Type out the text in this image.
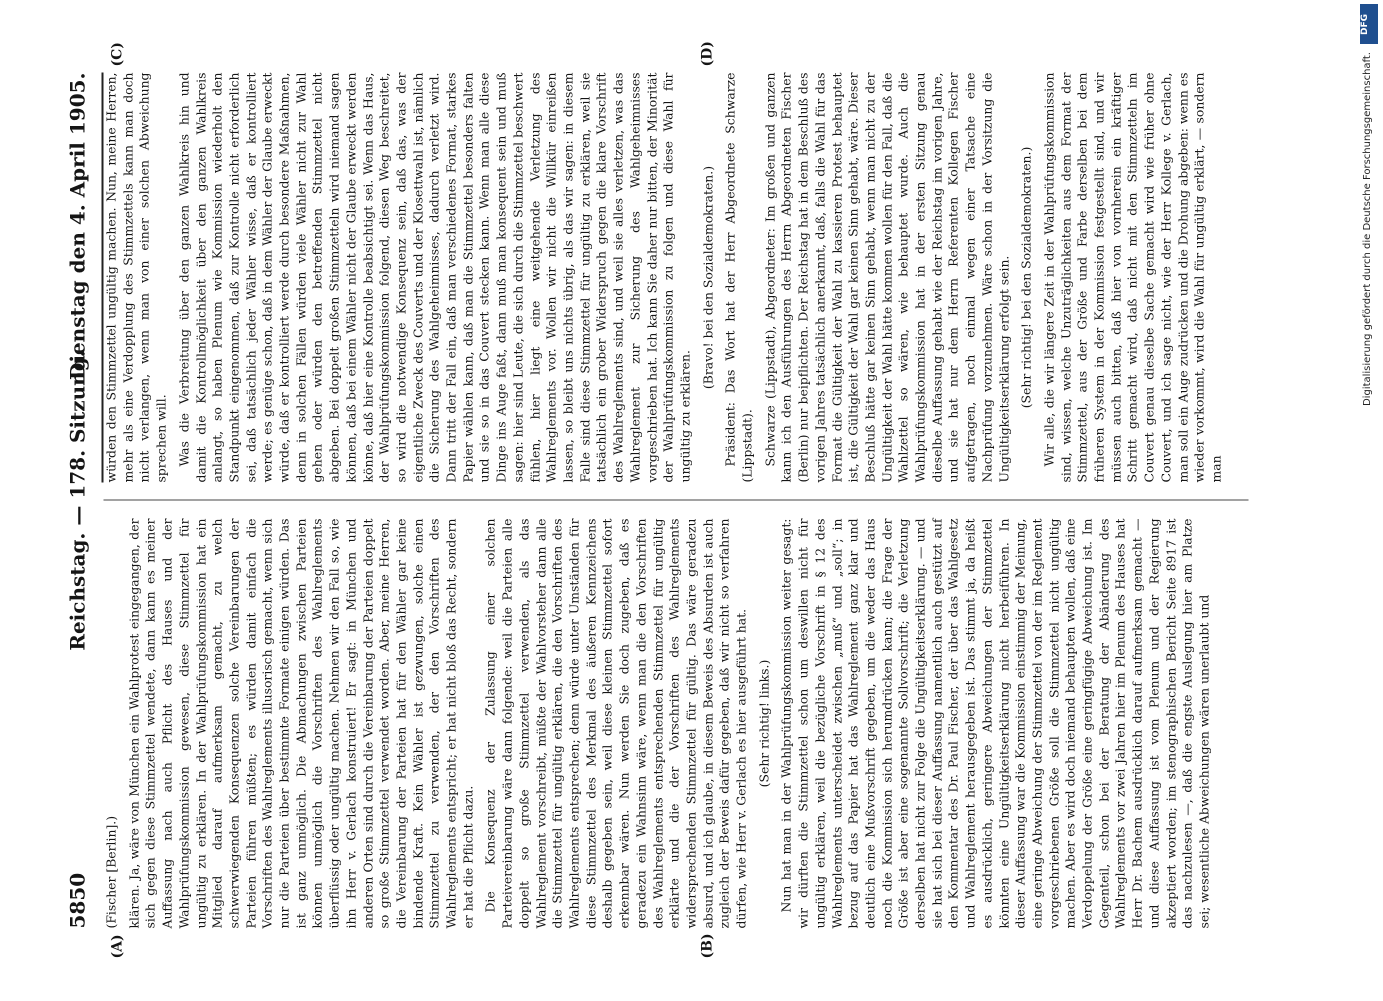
5850
Reichstag. — 178. Sitzung.
Dienstag den 4. April 1905.

(Fischer [Berlin].) klären. Ja, wäre von München ein Wahlprotest eingegangen, der sich gegen diese Stimmzettel wendete, dann kann es meiner Auffassung nach auch Pflicht des Hauses und der Wahlprüfungskommission gewesen, diese Stimmzettel für ungültig zu erklären. In der Wahlprüfungskommission hat ein Mitglied darauf aufmerksam gemacht, zu welch schwerwiegenden Konsequenzen solche Vereinbarungen der Parteien führen müßten; es würden damit einfach die Vorschriften des Wahlreglements illusorisch gemacht, wenn sich nur die Parteien über bestimmte Formate einigen würden. Das ist ganz unmöglich. Die Abmachungen zwischen Parteien können unmöglich die Vorschriften des Wahlreglements überflüssig oder ungültig machen. Nehmen wir den Fall so, wie ihn Herr v. Gerlach konstruiert! Er sagt: in München und anderen Orten sind durch die Vereinbarung der Parteien doppelt so große Stimmzettel verwendet worden. Aber, meine Herren, die Vereinbarung der Parteien hat für den Wähler gar keine bindende Kraft. Kein Wähler ist gezwungen, solche einen Stimmzettel zu verwenden, der den Vorschriften des Wahlreglements entspricht; er hat nicht bloß das Recht, sondern er hat die Pflicht dazu. Die Konsequenz der Zulassung einer solchen Parteivereinbarung wäre dann folgende: weil die Parteien alle doppelt so große Stimmzettel verwenden, als das Wahlreglement vorschreibt, müßte der Wahlvorsteher dann alle die Stimmzettel für ungültig erklären, die den Vorschriften des Wahlreglements entsprechen; denn würde unter Umständen für diese Stimmzettel des Merkmal des äußeren Kennzeichens deshalb gegeben sein, weil diese kleinen Stimmzettel sofort erkennbar wären. Nun werden Sie doch zugeben, daß es geradezu ein Wahnsinn wäre, wenn man die den Vorschriften des Wahlreglements entsprechenden Stimmzettel für ungültig erklärte und die der Vorschriften des Wahlreglements widersprechenden Stimmzettel für gültig. Das wäre geradezu absurd, und ich glaube, in diesem Beweis des Absurden ist auch zugleich der Beweis dafür gegeben, daß wir nicht so verfahren dürfen, wie Herr v. Gerlach es hier ausgeführt hat. (Sehr richtig! links.) Nun hat man in der Wahlprüfungskommission weiter gesagt: wir dürften die Stimmzettel schon um deswillen nicht für ungültig erklären, weil die bezügliche Vorschrift in § 12 des Wahlreglements unterscheidet zwischen „muß“ und „soll“; in bezug auf das Papier hat das Wahlreglement ganz klar und deutlich eine Mußvorschrift gegeben, um die weder das Haus noch die Kommission sich herumdrücken kann; die Frage der Größe ist aber eine sogenannte Sollvorschrift; die Verletzung derselben hat nicht zur Folge die Ungültigkeitserklärung. — und sie hat sich bei dieser Auffassung namentlich auch gestützt auf den Kommentar des Dr. Paul Fischer, der über das Wahlgesetz und Wahlreglement herausgegeben ist. Das stimmt ja, da heißt es ausdrücklich, geringere Abweichungen der Stimmzettel könnten eine Ungültigkeitserklärung nicht herbeiführen. In dieser Auffassung war die Kommission einstimmig der Meinung, eine geringe Abweichung der Stimmzettel von der im Reglement vorgeschriebenen Größe soll die Stimmzettel nicht ungültig machen. Aber es wird doch niemand behaupten wollen, daß eine Verdoppelung der Größe eine geringfügige Abweichung ist. Im Gegenteil, schon bei der Beratung der Abänderung des Wahlreglements vor zwei Jahren hier im Plenum des Hauses hat Herr Dr. Bachem ausdrücklich darauf aufmerksam gemacht — und diese Auffassung ist vom Plenum und der Regierung akzeptiert worden; im stenographischen Bericht Seite 8917 ist das nachzulesen —, daß die engste Auslegung hier am Platze sei; wesentliche Abweichungen wären unerlaubt und

würden den Stimmzettel ungültig machen. Nun, meine Herren, mehr als eine Verdopplung des Stimmzettels kann man doch nicht verlangen, wenn man von einer solchen Abweichung sprechen will. Was die Verbreitung über den ganzen Wahlkreis hin und damit die Kontrollmöglichkeit über den ganzen Wahlkreis anlangt, so haben Plenum wie Kommission wiederholt den Standpunkt eingenommen, daß zur Kontrolle nicht erforderlich sei, daß tatsächlich jeder Wähler wisse, daß er kontrolliert werde; es genüge schon, daß in dem Wähler der Glaube erweckt würde, daß er kontrolliert werde durch besondere Maßnahmen, denn in solchen Fällen würden viele Wähler nicht zur Wahl gehen oder würden den betreffenden Stimmzettel nicht abgeben. Bei doppelt großen Stimmzetteln wird niemand sagen können, daß bei einem Wähler nicht der Glaube erweckt werden könne, daß hier eine Kontrolle beabsichtigt sei. Wenn das Haus, der Wahlprüfungskommission folgend, diesen Weg beschreitet, so wird die notwendige Konsequenz sein, daß das, was der eigentliche Zweck des Couverts und der Klosettwahl ist, nämlich die Sicherung des Wahlgeheimnisses, dadurch verletzt wird. Dann tritt der Fall ein, daß man verschiedenes Format, starkes Papier wählen kann, daß man die Stimmzettel besonders falten und sie so in das Couvert stecken kann. Wenn man alle diese Dinge ins Auge faßt, dann muß man konsequent sein und muß sagen: hier sind Leute, die sich durch die Stimmzettel beschwert fühlen, hier liegt eine weitgehende Verletzung des Wahlreglements vor. Wollen wir nicht die Willkür einreißen lassen, so bleibt uns nichts übrig, als das wir sagen: in diesem Falle sind diese Stimmzettel für ungültig zu erklären, weil sie tatsächlich ein grober Widerspruch gegen die klare Vorschrift des Wahlreglements sind, und weil sie alles verletzen, was das Wahlreglement zur Sicherung des Wahlgeheimnisses vorgeschrieben hat. Ich kann Sie daher nur bitten, der Minorität der Wahlprüfungskommission zu folgen und diese Wahl für ungültig zu erklären.

(Bravo! bei den Sozialdemokraten.) Präsident: Das Wort hat der Herr Abgeordnete Schwarze (Lippstadt). Schwarze (Lippstadt), Abgeordneter: Im großen und ganzen kann ich den Ausführungen des Herrn Abgeordneten Fischer (Berlin) nur beipflichten. Der Reichstag hat in dem Beschluß des vorigen Jahres tatsächlich anerkannt, daß, falls die Wahl für das Format die Gültigkeit der Wahl zu kassieren Protest behauptet ist, die Gültigkeit der Wahl gar keinen Sinn gehabt, wäre. Dieser Beschluß hätte gar keinen Sinn gehabt, wenn man nicht zu der Ungültigkeit der Wahl hätte kommen wollen für den Fall, daß die Wahlzettel so wären, wie behauptet wurde. Auch die Wahlprüfungskommission hat in der ersten Sitzung genau dieselbe Auffassung gehabt wie der Reichstag im vorigen Jahre, und sie hat nur dem Herrn Referenten Kollegen Fischer aufgetragen, noch einmal wegen einer Tatsache eine Nachprüfung vorzunehmen. Wäre schon in der Vorsitzung die Ungültigkeitserklärung erfolgt sein. (Sehr richtig! bei den Sozialdemokraten.) Wir alle, die wir längere Zeit in der Wahlprüfungskommission sind, wissen, welche Unzuträglichkeiten aus dem Format der Stimmzettel, aus der Größe und Farbe derselben bei dem früheren System in der Kommission festgestellt sind, und wir müssen auch bitten, daß hier von vornherein ein kräftiger Schritt gemacht wird, daß nicht mit den Stimmzetteln im Couvert genau dieselbe Sache gemacht wird wie früher ohne Couvert, und ich sage nicht, wie der Herr Kollege v. Gerlach, man soll ein Auge zudrücken und die Drohung abgeben: wenn es wieder vorkommt, wird die Wahl für ungültig erklärt, — sondern man

(A)	(B)
(C)	(D)
DFG
Digitalisierung gefördert durch die Deutsche Forschungsgemeinschaft.
